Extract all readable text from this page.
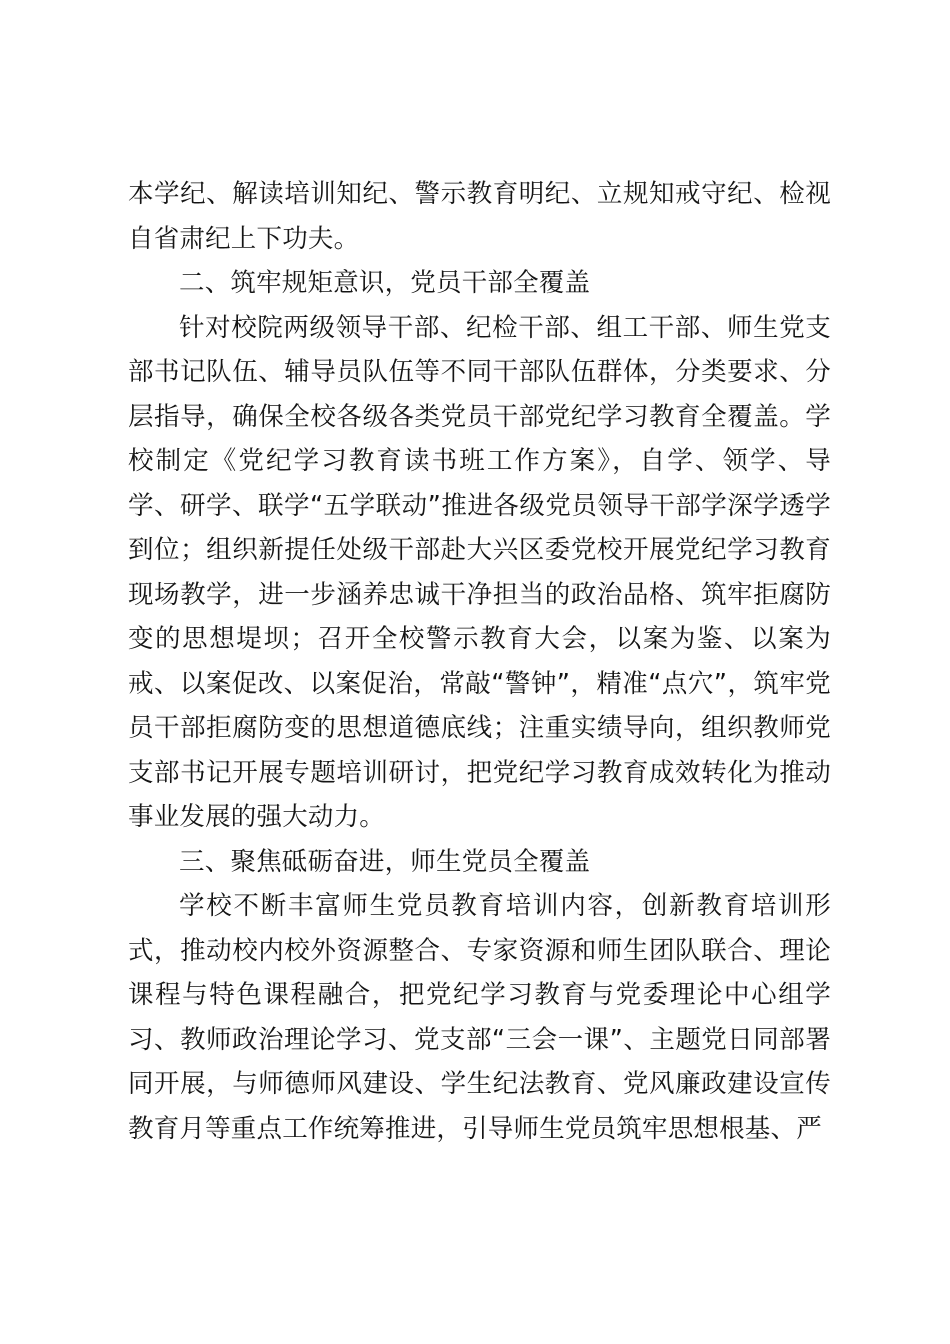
本学纪、解读培训知纪、警示教育明纪、立规知戒守纪、检视自省肃纪上下功夫。

二、筑牢规矩意识，党员干部全覆盖

针对校院两级领导干部、纪检干部、组工干部、师生党支部书记队伍、辅导员队伍等不同干部队伍群体，分类要求、分层指导，确保全校各级各类党员干部党纪学习教育全覆盖。学校制定《党纪学习教育读书班工作方案》，自学、领学、导学、研学、联学“五学联动”推进各级党员领导干部学深学透学到位；组织新提任处级干部赴大兴区委党校开展党纪学习教育现场教学，进一步涵养忠诚干净担当的政治品格、筑牢拒腐防变的思想堤坝；召开全校警示教育大会，以案为鉴、以案为戒、以案促改、以案促治，常敲“警钟”，精准“点穴”，筑牢党员干部拒腐防变的思想道德底线；注重实绩导向，组织教师党支部书记开展专题培训研讨，把党纪学习教育成效转化为推动事业发展的强大动力。

三、聚焦砥砺奋进，师生党员全覆盖

学校不断丰富师生党员教育培训内容，创新教育培训形式，推动校内校外资源整合、专家资源和师生团队联合、理论课程与特色课程融合，把党纪学习教育与党委理论中心组学习、教师政治理论学习、党支部“三会一课”、主题党日同部署同开展，与师德师风建设、学生纪法教育、党风廉政建设宣传教育月等重点工作统筹推进，引导师生党员筑牢思想根基、严
